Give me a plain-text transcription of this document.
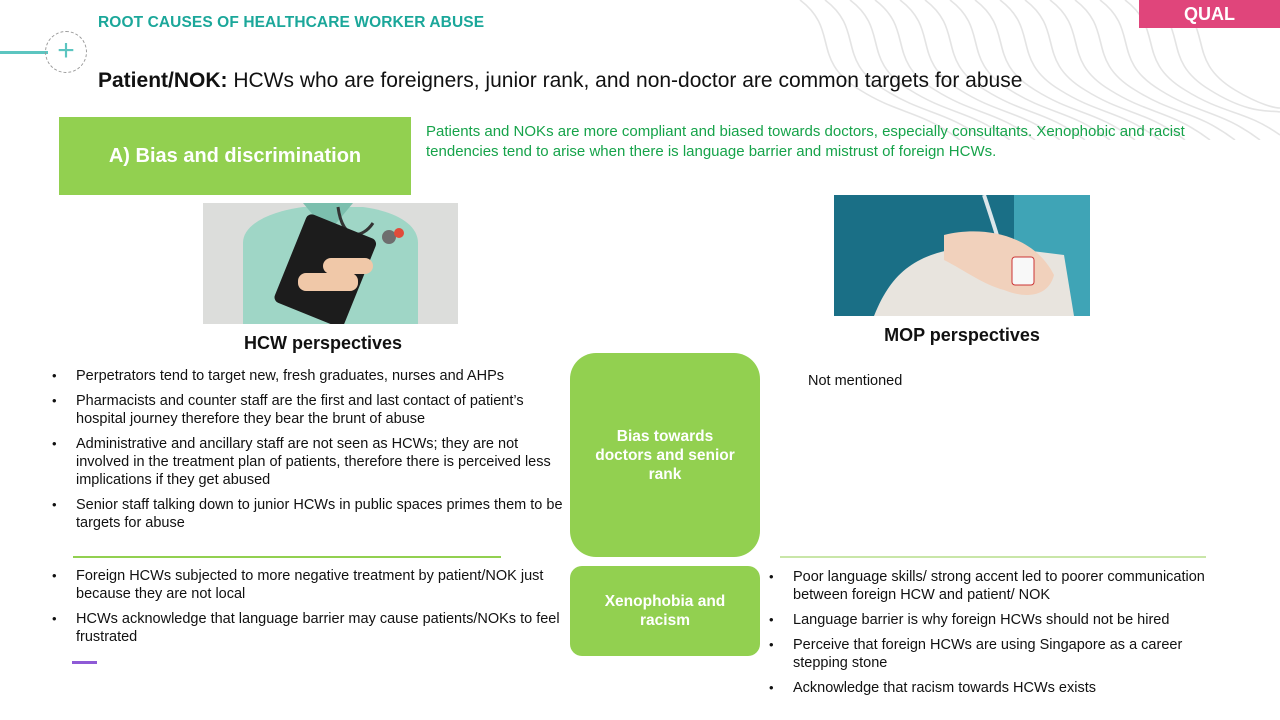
+
ROOT CAUSES OF HEALTHCARE WORKER ABUSE	QUAL
Patient/NOK: HCWs who are foreigners, junior rank, and non-doctor are common targets for abuse
A) Bias and discrimination
Patients and NOKs are more compliant and biased towards doctors, especially consultants. Xenophobic and racist tendencies tend to arise when there is language barrier and mistrust of foreign HCWs.
HCW perspectives	MOP perspectives
• Perpetrators tend to target new, fresh graduates, nurses and AHPs
• Pharmacists and counter staff are the first and last contact of patient’s hospital journey therefore they bear the brunt of abuse
• Administrative and ancillary staff are not seen as HCWs; they are not involved in the treatment plan of patients, therefore there is perceived less implications if they get abused
• Senior staff talking down to junior HCWs in public spaces primes them to be targets for abuse
Not mentioned
Bias towards doctors and senior rank
Xenophobia and racism
• Foreign HCWs subjected to more negative treatment by patient/NOK just because they are not local
• HCWs acknowledge that language barrier may cause patients/NOKs to feel frustrated
• Poor language skills/ strong accent led to poorer communication between foreign HCW and patient/ NOK
• Language barrier is why foreign HCWs should not be hired
• Perceive that foreign HCWs are using Singapore as a career stepping stone
• Acknowledge that racism towards HCWs exists
